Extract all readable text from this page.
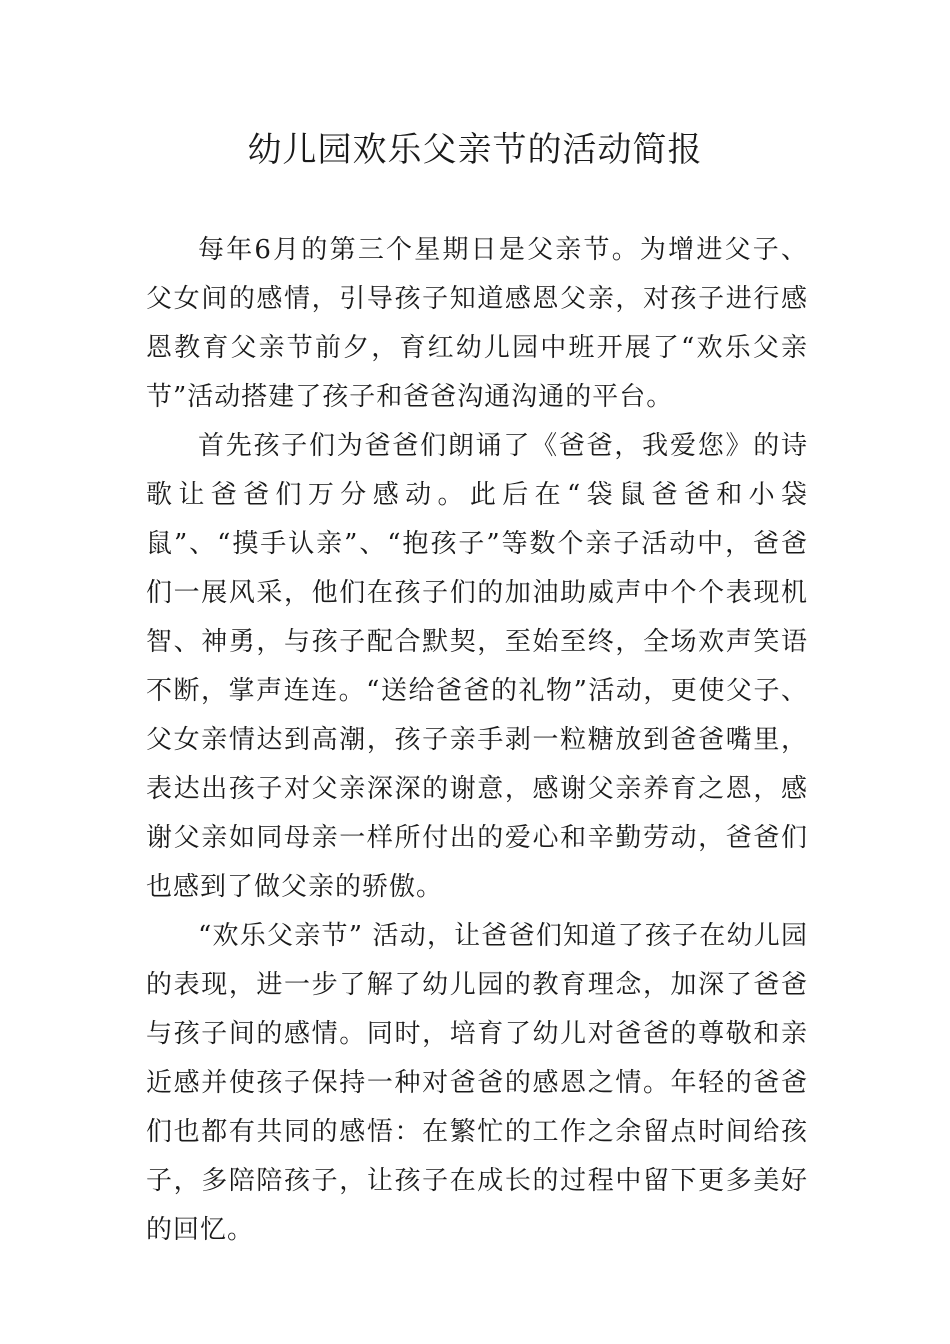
幼儿园欢乐父亲节的活动简报

每年6月的第三个星期日是父亲节。为增进父子、父女间的感情，引导孩子知道感恩父亲，对孩子进行感恩教育父亲节前夕，育红幼儿园中班开展了“欢乐父亲节”活动搭建了孩子和爸爸沟通沟通的平台。

首先孩子们为爸爸们朗诵了《爸爸，我爱您》的诗歌让爸爸们万分感动。此后在“袋鼠爸爸和小袋鼠”、“摸手认亲”、“抱孩子”等数个亲子活动中，爸爸们一展风采，他们在孩子们的加油助威声中个个表现机智、神勇，与孩子配合默契，至始至终，全场欢声笑语不断，掌声连连。“送给爸爸的礼物”活动，更使父子、父女亲情达到高潮，孩子亲手剥一粒糖放到爸爸嘴里，表达出孩子对父亲深深的谢意，感谢父亲养育之恩，感谢父亲如同母亲一样所付出的爱心和辛勤劳动，爸爸们也感到了做父亲的骄傲。

“欢乐父亲节” 活动，让爸爸们知道了孩子在幼儿园的表现，进一步了解了幼儿园的教育理念，加深了爸爸与孩子间的感情。同时，培育了幼儿对爸爸的尊敬和亲近感并使孩子保持一种对爸爸的感恩之情。年轻的爸爸们也都有共同的感悟：在繁忙的工作之余留点时间给孩子，多陪陪孩子，让孩子在成长的过程中留下更多美好的回忆。
